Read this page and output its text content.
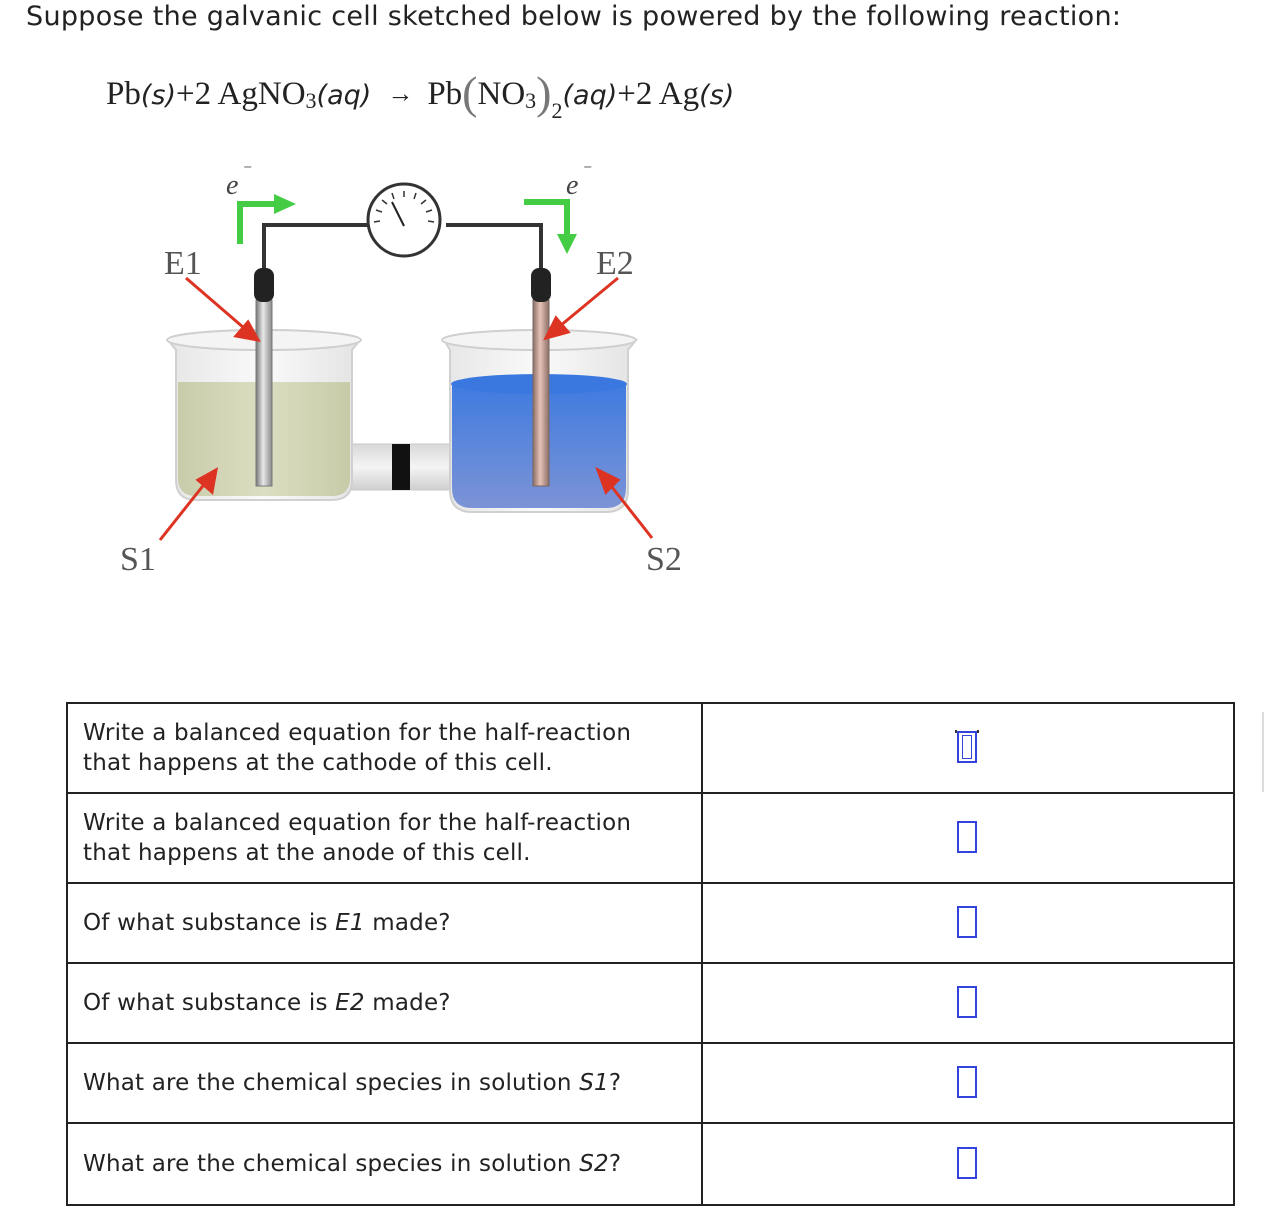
Suppose the galvanic cell sketched below is powered by the following reaction:
Pb(s)+2 AgNO$_3$(aq) → $Pb(NO_3)_2(aq)+2$ Ag(s)
e ⁻	e ⁻
E1	E2
S1	S2
Write a balanced equation for the half-reaction
that happens at the cathode of this cell.	

Write a balanced equation for the half-reaction
that happens at the anode of this cell.	

Of what substance is E1 made?	

Of what substance is E2 made?	

What are the chemical species in solution S1?	

What are the chemical species in solution S2?	
